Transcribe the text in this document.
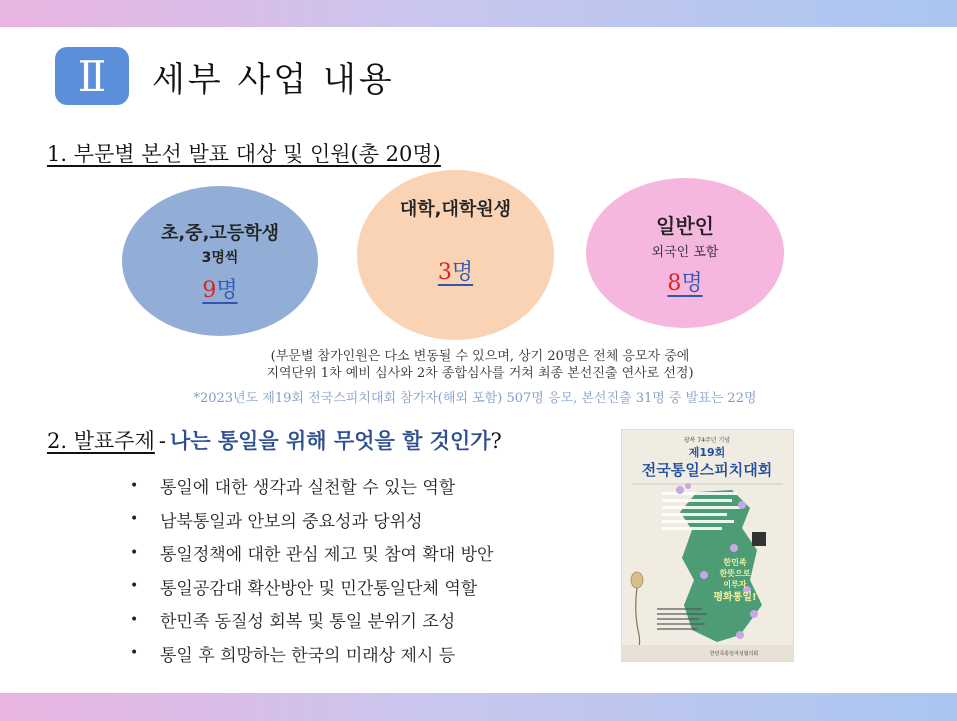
Ⅱ	세부 사업 내용
1. 부문별 본선 발표 대상 및 인원(총 20명)
초,중,고등학생
3명씩
9명
대학,대학원생
3명
일반인
외국인 포함
8명
(부문별 참가인원은 다소 변동될 수 있으며, 상기 20명은 전체 응모자 중에
지역단위 1차 예비 심사와 2차 종합심사를 거쳐 최종 본선진출 연사로 선정)
*2023년도 제19회 전국스피치대회 참가자(해외 포함) 507명 응모, 본선진출 31명 중 발표는 22명
2. 발표주제 - 나는 통일을 위해 무엇을 할 것인가?
•	통일에 대한 생각과 실천할 수 있는 역할
•	남북통일과 안보의 중요성과 당위성
•	통일정책에 대한 관심 제고 및 참여 확대 방안
•	통일공감대 확산방안 및 민간통일단체 역할
•	한민족 동질성 회복 및 통일 분위기 조성
•	통일 후 희망하는 한국의 미래상 제시 등
광복 74주년 기념
제19회
전국통일스피치대회
한민족
한뜻으로
이루자
평화통일!
한민족통일여성협의회
